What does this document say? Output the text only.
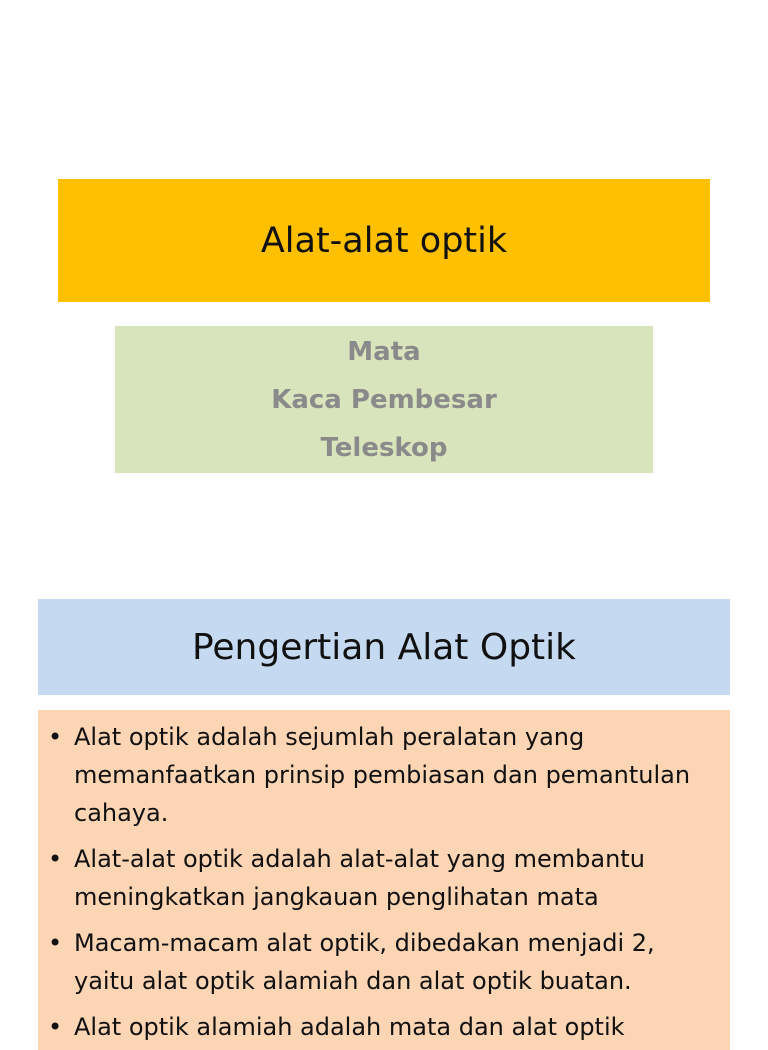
Alat-alat optik
Mata
Kaca Pembesar
Teleskop
Pengertian Alat Optik
• Alat optik adalah sejumlah peralatan yang memanfaatkan prinsip pembiasan dan pemantulan cahaya.
• Alat-alat optik adalah alat-alat yang membantu meningkatkan jangkauan penglihatan mata
• Macam-macam alat optik, dibedakan menjadi 2, yaitu alat optik alamiah dan alat optik buatan.
• Alat optik alamiah adalah mata dan alat optik
